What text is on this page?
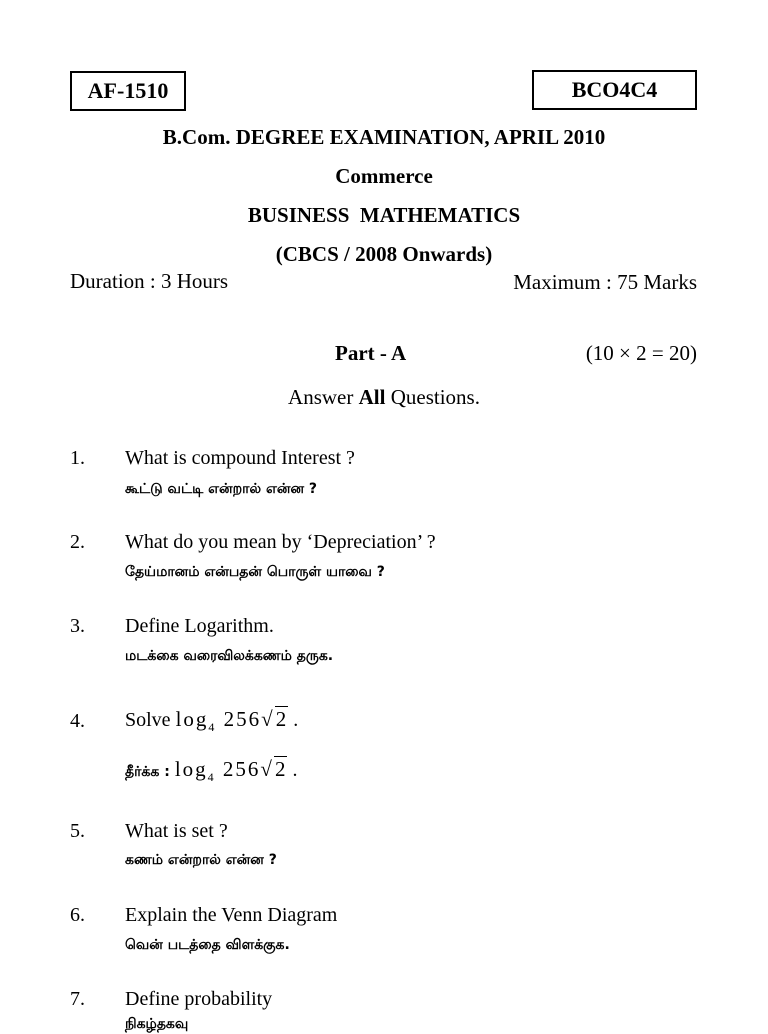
AF-1510	BCO4C4
B.Com. DEGREE EXAMINATION, APRIL 2010
Commerce
BUSINESS  MATHEMATICS
(CBCS / 2008 Onwards)
Duration : 3 Hours	Maximum : 75 Marks
Part - A	(10 × 2 = 20)
Answer All Questions.
1. What is compound Interest ?
கூட்டு வட்டி என்றால் என்ன ?
2. What do you mean by ‘Depreciation’ ?
தேய்மானம் என்பதன் பொருள் யாவை ?
3. Define Logarithm.
மடக்கை வரைவிலக்கணம் தருக.
4. Solve $\log_4 256√2$ .
தீர்க்க : $\log_4 256√2$ .
5. What is set ?
கணம் என்றால் என்ன ?
6. Explain the Venn Diagram
வென் படத்தை விளக்குக.
7. Define probability
நிகழ்தகவு
